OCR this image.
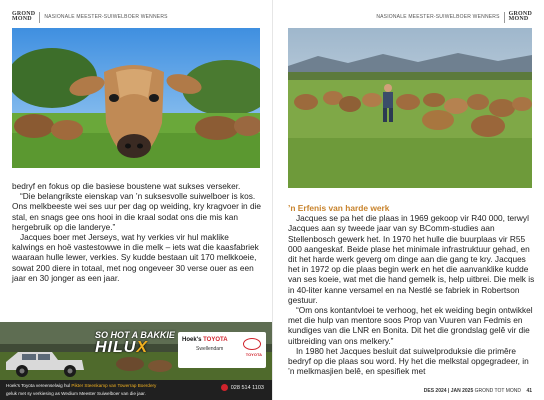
GROND
MOND	NASIONALE MEESTER-SUIWELBOER WENNERS

bedryf en fokus op die basiese boustene wat sukses verseker.

“Die belangrikste eienskap van ’n suksesvolle suiwelboer is kos. Ons melkbeeste wei ses uur per dag op weiding, kry kragvoer in die stal, en snags gee ons hooi in die kraal sodat ons die mis kan hergebruik op die landerye.”

Jacques boer met Jerseys, wat hy verkies vir hul maklike kalwings en hoë vastestowwe in die melk – iets wat die kaasfabriek waaraan hulle lewer, verkies. Sy kudde bestaan uit 170 melkkoeie, sowat 200 diere in totaal, met nog ongeveer 30 verse ouer as een jaar en 30 jonger as een jaar.

SO HOT A BAKKIE
HILUX	Hoek's TOYOTA
Swellendam
TOYOTA
Hoek's Toyota vereenselwig hul Pikter Steenkamp van Towerrap Boerdery
geluk met sy verkiesing as Wedium Meester Suiwelboer van die jaar.
028 514 1103
NASIONALE MEESTER-SUIWELBOER WENNERS
GROND
MOND
’n Erfenis van harde werk

Jacques se pa het die plaas in 1969 gekoop vir R40 000, terwyl Jacques aan sy tweede jaar van sy BComm-studies aan Stellenbosch gewerk het. In 1970 het hulle die buurplaas vir R55 000 aangeskaf. Beide plase het minimale infrastruktuur gehad, en dit het harde werk geverg om dinge aan die gang te kry. Jacques het in 1972 op die plaas begin werk en het die aanvanklike kudde van ses koeie, wat met die hand gemelk is, help uitbrei. Die melk is in 40-liter kanne versamel en na Nestlé se fabriek in Robertson gestuur.

“Om ons kontantvloei te verhoog, het ek weiding begin ontwikkel met die hulp van mentore soos Prop van Vuuren van Fedmis en kundiges van die LNR en Bonita. Dit het die grondslag gelê vir die uitbreiding van ons melkery.”

In 1980 het Jacques besluit dat suiwelproduksie die primêre bedryf op die plaas sou word. Hy het die melkstal opgegradeer, in ’n melkmasjien belê, en spesifiek met

DES 2024 | JAN 2025 GROND TOT MOND 41
